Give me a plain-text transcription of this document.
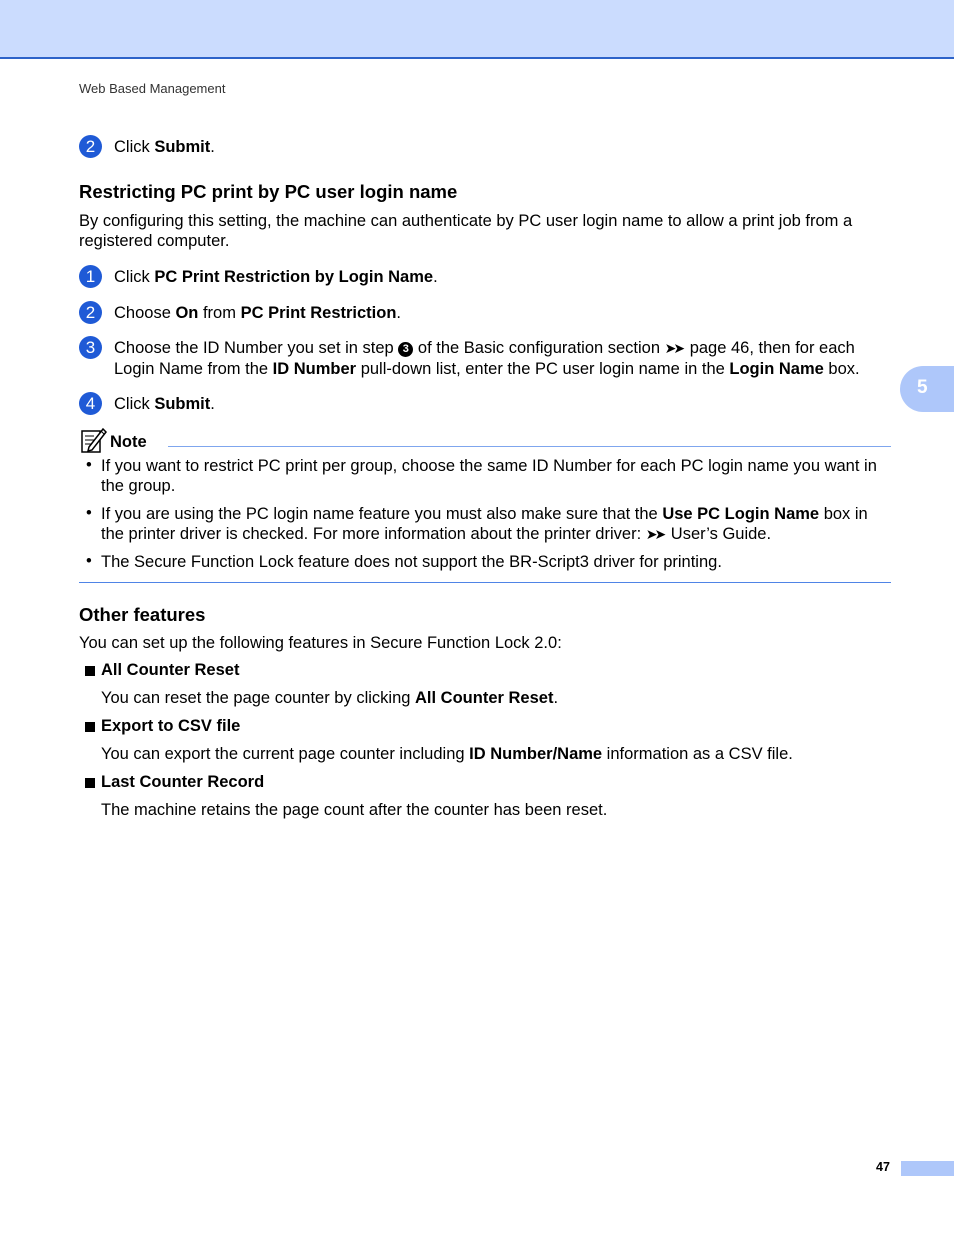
Web Based Management
2	Click Submit.
Restricting PC print by PC user login name
By configuring this setting, the machine can authenticate by PC user login name to allow a print job from a registered computer.
1	Click PC Print Restriction by Login Name.
2	Choose On from PC Print Restriction.
3	Choose the ID Number you set in step 3 of the Basic configuration section ➤➤ page 46, then for each Login Name from the ID Number pull-down list, enter the PC user login name in the Login Name box.
4	Click Submit.
Note
• If you want to restrict PC print per group, choose the same ID Number for each PC login name you want in the group.
• If you are using the PC login name feature you must also make sure that the Use PC Login Name box in the printer driver is checked. For more information about the printer driver: ➤➤ User’s Guide.
• The Secure Function Lock feature does not support the BR-Script3 driver for printing.
Other features
You can set up the following features in Secure Function Lock 2.0:
All Counter Reset
You can reset the page counter by clicking All Counter Reset.
Export to CSV file
You can export the current page counter including ID Number/Name information as a CSV file.
Last Counter Record
The machine retains the page count after the counter has been reset.
5
47
